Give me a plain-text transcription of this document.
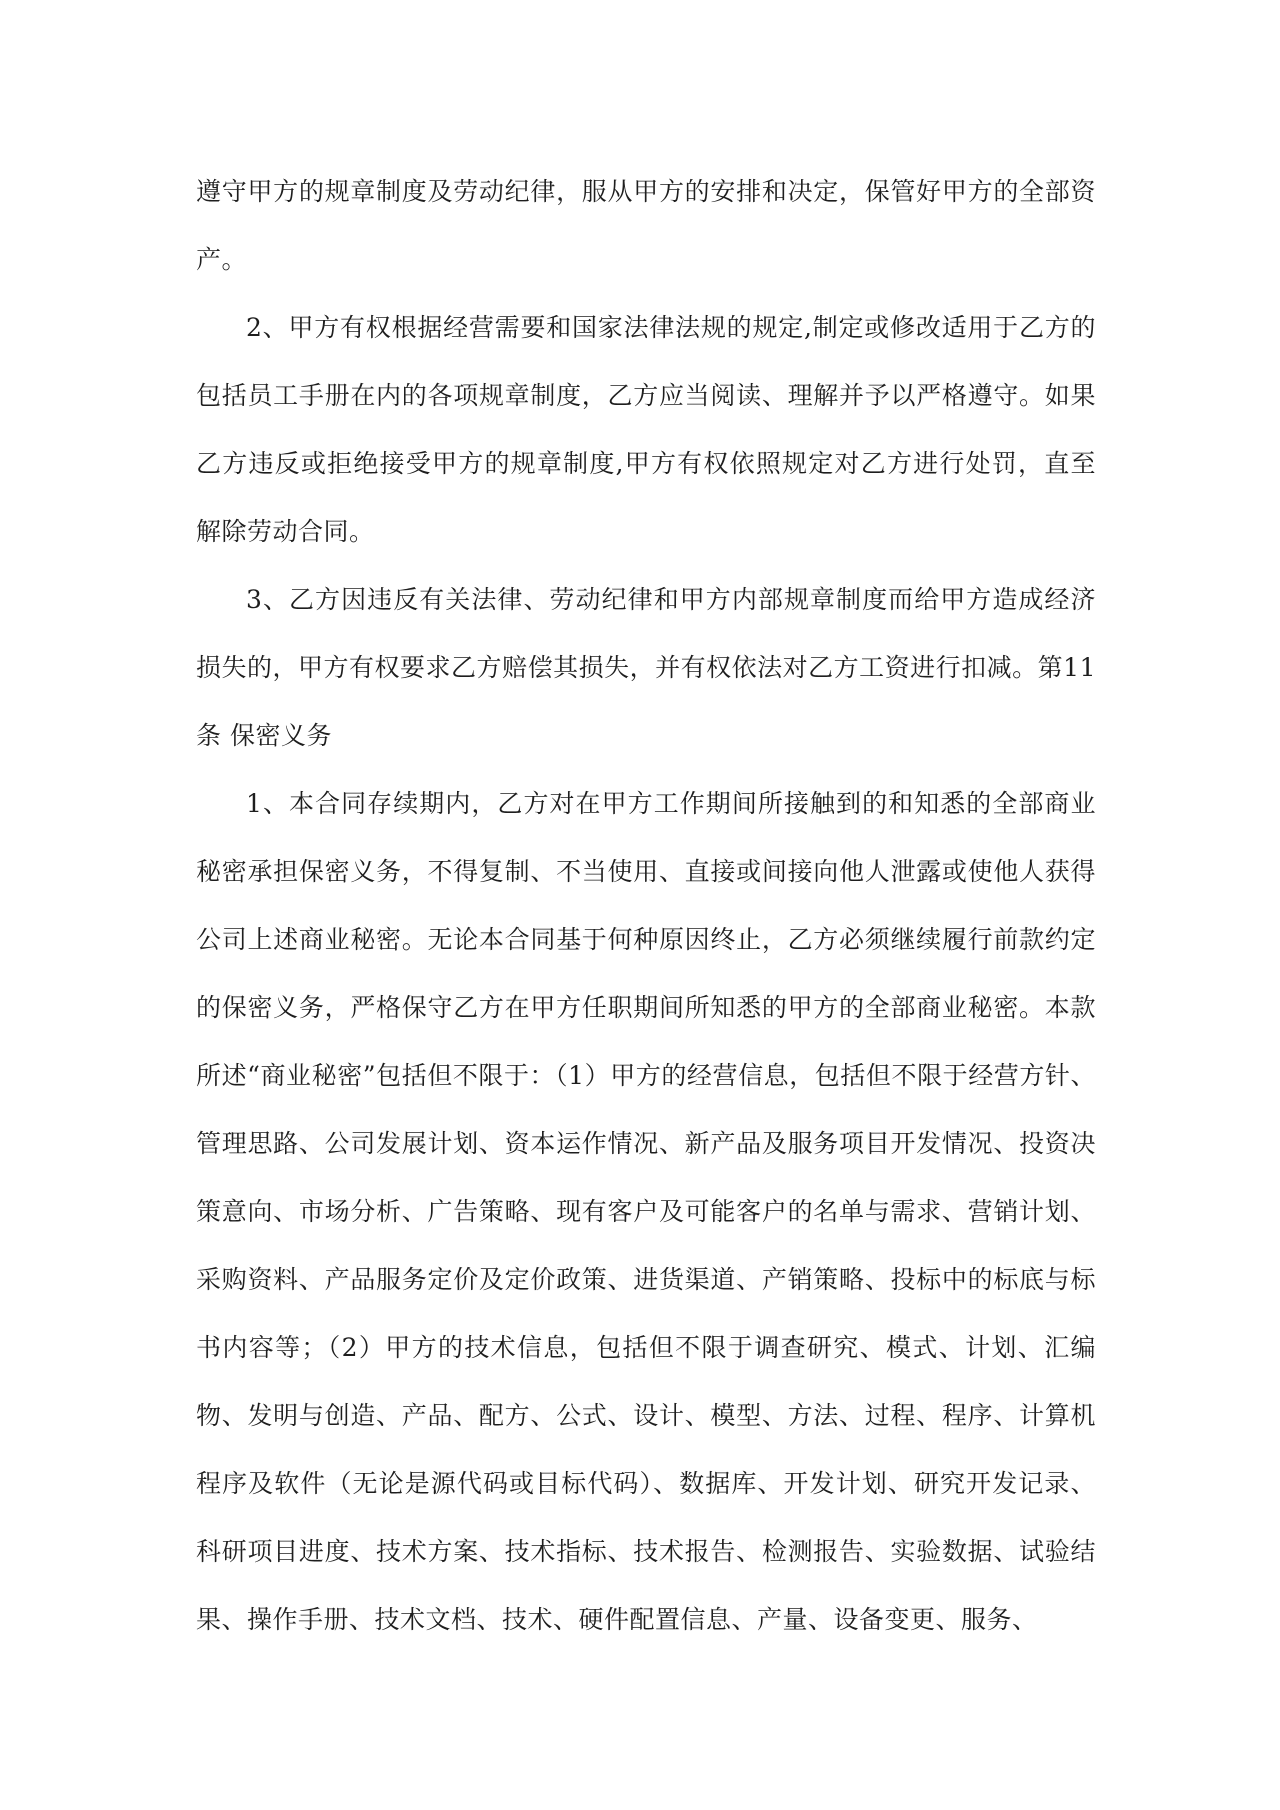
遵守甲方的规章制度及劳动纪律，服从甲方的安排和决定，保管好甲方的全部资产。

2、甲方有权根据经营需要和国家法律法规的规定,制定或修改适用于乙方的包括员工手册在内的各项规章制度，乙方应当阅读、理解并予以严格遵守。如果乙方违反或拒绝接受甲方的规章制度,甲方有权依照规定对乙方进行处罚，直至解除劳动合同。

3、乙方因违反有关法律、劳动纪律和甲方内部规章制度而给甲方造成经济损失的，甲方有权要求乙方赔偿其损失，并有权依法对乙方工资进行扣减。第11条 保密义务

1、本合同存续期内，乙方对在甲方工作期间所接触到的和知悉的全部商业秘密承担保密义务，不得复制、不当使用、直接或间接向他人泄露或使他人获得公司上述商业秘密。无论本合同基于何种原因终止，乙方必须继续履行前款约定的保密义务，严格保守乙方在甲方任职期间所知悉的甲方的全部商业秘密。本款所述“商业秘密”包括但不限于：（1）甲方的经营信息，包括但不限于经营方针、管理思路、公司发展计划、资本运作情况、新产品及服务项目开发情况、投资决策意向、市场分析、广告策略、现有客户及可能客户的名单与需求、营销计划、采购资料、产品服务定价及定价政策、进货渠道、产销策略、投标中的标底与标书内容等；（2）甲方的技术信息，包括但不限于调查研究、模式、计划、汇编物、发明与创造、产品、配方、公式、设计、模型、方法、过程、程序、计算机程序及软件（无论是源代码或目标代码）、数据库、开发计划、研究开发记录、科研项目进度、技术方案、技术指标、技术报告、检测报告、实验数据、试验结果、操作手册、技术文档、技术、硬件配置信息、产量、设备变更、服务、
